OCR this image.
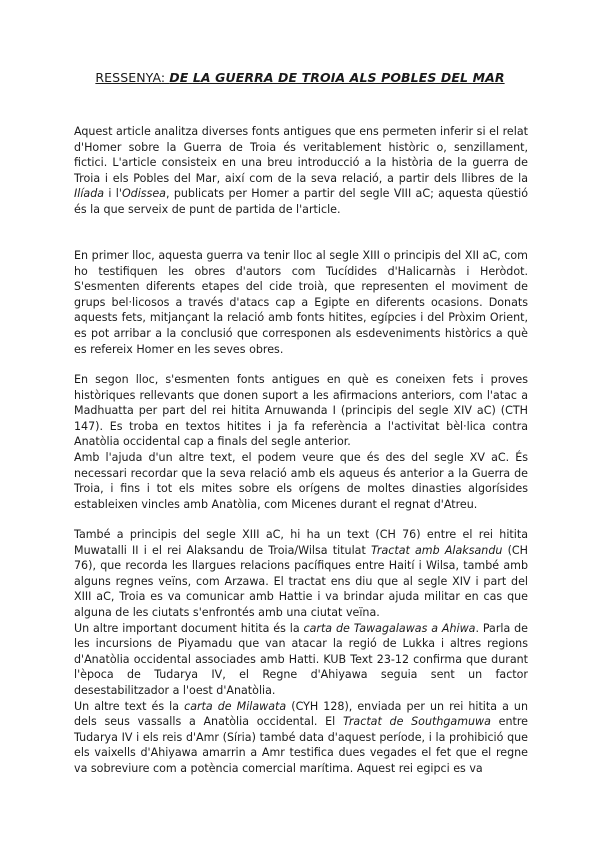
RESSENYA: DE LA GUERRA DE TROIA ALS POBLES DEL MAR

Aquest article analitza diverses fonts antigues que ens permeten inferir si el relat d'Homer sobre la Guerra de Troia és veritablement històric o, senzillament, fictici. L'article consisteix en una breu introducció a la història de la guerra de Troia i els Pobles del Mar, així com de la seva relació, a partir dels llibres de la Ilíada i l'Odissea, publicats per Homer a partir del segle VIII aC; aquesta qüestió és la que serveix de punt de partida de l'article.

En primer lloc, aquesta guerra va tenir lloc al segle XIII o principis del XII aC, com ho testifiquen les obres d'autors com Tucídides d'Halicarnàs i Heròdot. S'esmenten diferents etapes del cide troià, que representen el moviment de grups bel·licosos a través d'atacs cap a Egipte en diferents ocasions. Donats aquests fets, mitjançant la relació amb fonts hitites, egípcies i del Pròxim Orient, es pot arribar a la conclusió que corresponen als esdeveniments històrics a què es refereix Homer en les seves obres.

En segon lloc, s'esmenten fonts antigues en què es coneixen fets i proves històriques rellevants que donen suport a les afirmacions anteriors, com l'atac a Madhuatta per part del rei hitita Arnuwanda I (principis del segle XIV aC) (CTH 147). Es troba en textos hitites i ja fa referència a l'activitat bèl·lica contra Anatòlia occidental cap a finals del segle anterior.

Amb l'ajuda d'un altre text, el podem veure que és des del segle XV aC. És necessari recordar que la seva relació amb els aqueus és anterior a la Guerra de Troia, i fins i tot els mites sobre els orígens de moltes dinasties algorísides estableixen vincles amb Anatòlia, com Micenes durant el regnat d'Atreu.

També a principis del segle XIII aC, hi ha un text (CH 76) entre el rei hitita Muwatalli II i el rei Alaksandu de Troia/Wilsa titulat Tractat amb Alaksandu (CH 76), que recorda les llargues relacions pacífiques entre Haití i Wilsa, també amb alguns regnes veïns, com Arzawa. El tractat ens diu que al segle XIV i part del XIII aC, Troia es va comunicar amb Hattie i va brindar ajuda militar en cas que alguna de les ciutats s'enfrontés amb una ciutat veïna.

Un altre important document hitita és la carta de Tawagalawas a Ahiwa. Parla de les incursions de Piyamadu que van atacar la regió de Lukka i altres regions d'Anatòlia occidental associades amb Hatti. KUB Text 23-12 confirma que durant l'època de Tudarya IV, el Regne d'Ahiyawa seguia sent un factor desestabilitzador a l'oest d'Anatòlia.

Un altre text és la carta de Milawata (CYH 128), enviada per un rei hitita a un dels seus vassalls a Anatòlia occidental. El Tractat de Southgamuwa entre Tudarya IV i els reis d'Amr (Síria) també data d'aquest període, i la prohibició que els vaixells d'Ahiyawa amarrin a Amr testifica dues vegades el fet que el regne va sobreviure com a potència comercial marítima. Aquest rei egipci es va
